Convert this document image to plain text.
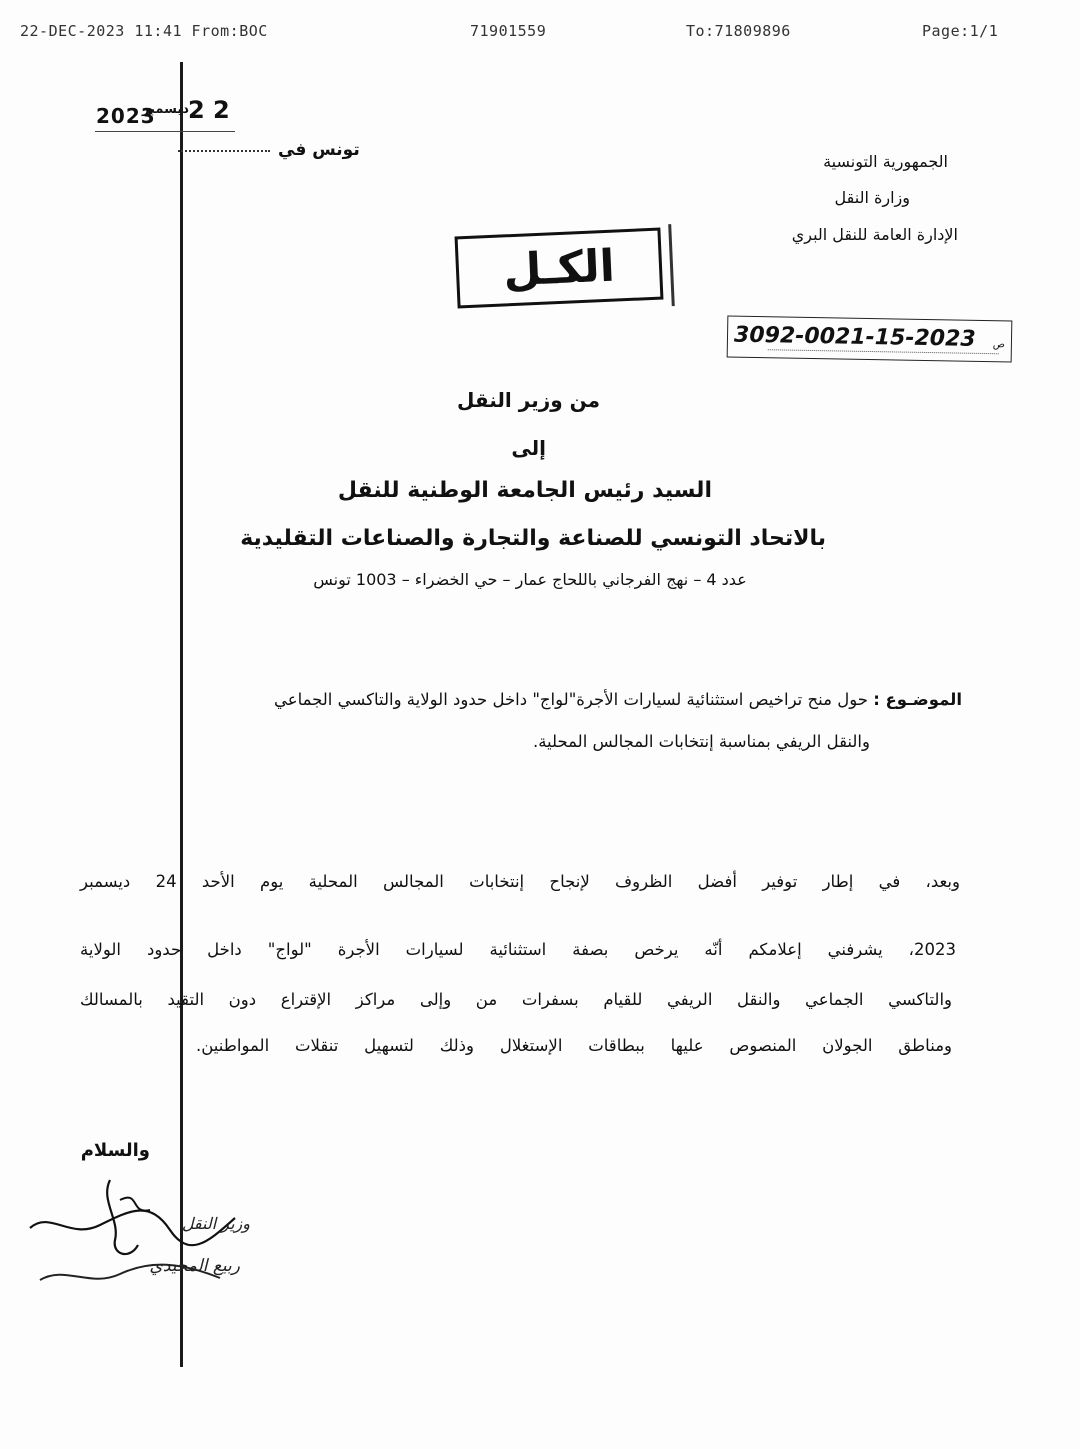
22-DEC-2023 11:41 From:BOC	71901559	To:71809896	Page:1/1
2023
ديسمبر 2 2
تونس في
الجمهورية التونسية
وزارة النقل
الإدارة العامة للنقل البري
الكـل
3092-0021-15-2023 ص
من وزير النقل
إلى
السيد رئيس الجامعة الوطنية للنقل
بالاتحاد التونسي للصناعة والتجارة والصناعات التقليدية
عدد 4 – نهج الفرجاني باللحاج عمار – حي الخضراء – 1003 تونس
الموضـوع : حول منح تراخيص استثنائية لسيارات الأجرة"لواج" داخل حدود الولاية والتاكسي الجماعي
والنقل الريفي بمناسبة إنتخابات المجالس المحلية.
وبعد، في إطار توفير أفضل الظروف لإنجاح إنتخابات المجالس المحلية يوم الأحد 24 ديسمبر
2023، يشرفني إعلامكم أنّه يرخص بصفة استثنائية لسيارات الأجرة "لواج" داخل حدود الولاية
والتاكسي الجماعي والنقل الريفي للقيام بسفرات من وإلى مراكز الإقتراع دون التقيد بالمسالك
ومناطق الجولان المنصوص عليها ببطاقات الإستغلال وذلك لتسهيل تنقلات المواطنين.
والسلام
وزير النقل
ربيع المجيدي
